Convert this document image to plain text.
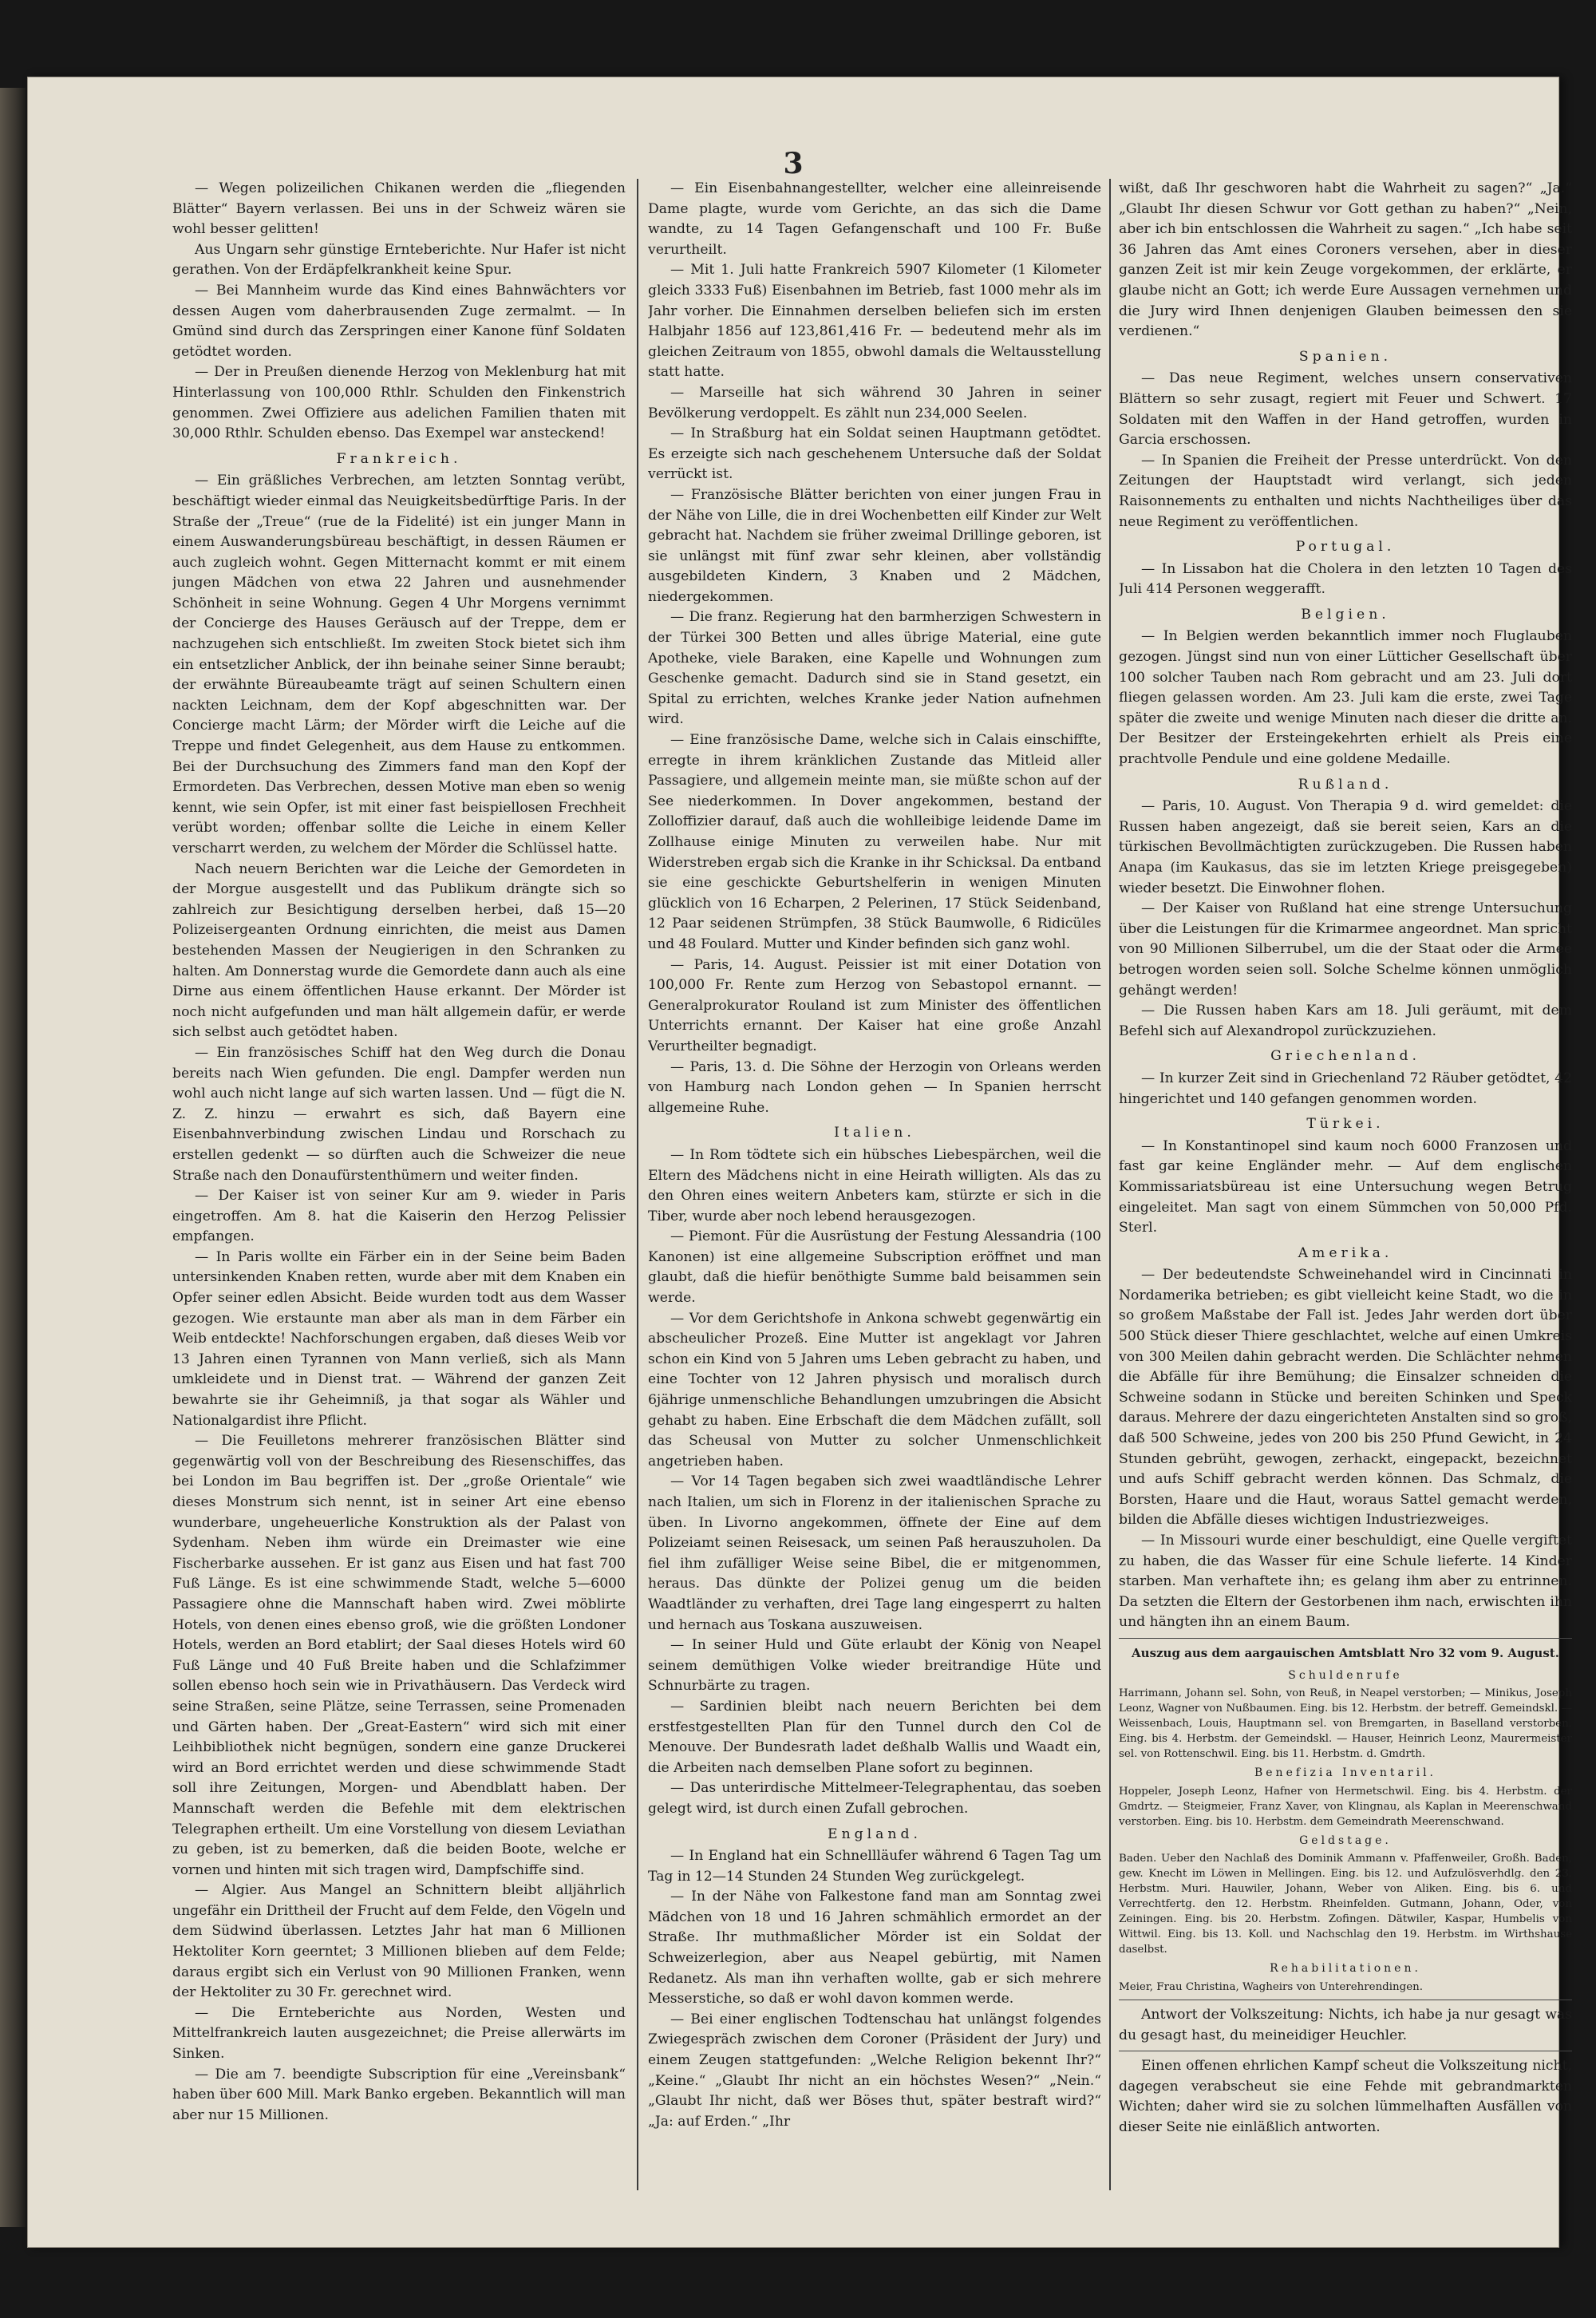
3

— Wegen polizeilichen Chikanen werden die „fliegenden Blätter“ Bayern verlassen. Bei uns in der Schweiz wären sie wohl besser gelitten!

Aus Ungarn sehr günstige Ernteberichte. Nur Hafer ist nicht gerathen. Von der Erdäpfelkrankheit keine Spur.

— Bei Mannheim wurde das Kind eines Bahnwächters vor dessen Augen vom daherbrausenden Zuge zermalmt. — In Gmünd sind durch das Zerspringen einer Kanone fünf Soldaten getödtet worden.

— Der in Preußen dienende Herzog von Meklenburg hat mit Hinterlassung von 100,000 Rthlr. Schulden den Finkenstrich genommen. Zwei Offiziere aus adelichen Familien thaten mit 30,000 Rthlr. Schulden ebenso. Das Exempel war ansteckend!

Frankreich.

— Ein gräßliches Verbrechen, am letzten Sonntag verübt, beschäftigt wieder einmal das Neuigkeitsbedürftige Paris. In der Straße der „Treue“ (rue de la Fidelité) ist ein junger Mann in einem Auswanderungsbüreau beschäftigt, in dessen Räumen er auch zugleich wohnt. Gegen Mitternacht kommt er mit einem jungen Mädchen von etwa 22 Jahren und ausnehmender Schönheit in seine Wohnung. Gegen 4 Uhr Morgens vernimmt der Concierge des Hauses Geräusch auf der Treppe, dem er nachzugehen sich entschließt. Im zweiten Stock bietet sich ihm ein entsetzlicher Anblick, der ihn beinahe seiner Sinne beraubt; der erwähnte Büreaubeamte trägt auf seinen Schultern einen nackten Leichnam, dem der Kopf abgeschnitten war. Der Concierge macht Lärm; der Mörder wirft die Leiche auf die Treppe und findet Gelegenheit, aus dem Hause zu entkommen. Bei der Durchsuchung des Zimmers fand man den Kopf der Ermordeten. Das Verbrechen, dessen Motive man eben so wenig kennt, wie sein Opfer, ist mit einer fast beispiellosen Frechheit verübt worden; offenbar sollte die Leiche in einem Keller verscharrt werden, zu welchem der Mörder die Schlüssel hatte.

Nach neuern Berichten war die Leiche der Gemordeten in der Morgue ausgestellt und das Publikum drängte sich so zahlreich zur Besichtigung derselben herbei, daß 15—20 Polizeisergeanten Ordnung einrichten, die meist aus Damen bestehenden Massen der Neugierigen in den Schranken zu halten. Am Donnerstag wurde die Gemordete dann auch als eine Dirne aus einem öffentlichen Hause erkannt. Der Mörder ist noch nicht aufgefunden und man hält allgemein dafür, er werde sich selbst auch getödtet haben.

— Ein französisches Schiff hat den Weg durch die Donau bereits nach Wien gefunden. Die engl. Dampfer werden nun wohl auch nicht lange auf sich warten lassen. Und — fügt die N. Z. Z. hinzu — erwahrt es sich, daß Bayern eine Eisenbahnverbindung zwischen Lindau und Rorschach zu erstellen gedenkt — so dürften auch die Schweizer die neue Straße nach den Donaufürstenthümern und weiter finden.

— Der Kaiser ist von seiner Kur am 9. wieder in Paris eingetroffen. Am 8. hat die Kaiserin den Herzog Pelissier empfangen.

— In Paris wollte ein Färber ein in der Seine beim Baden untersinkenden Knaben retten, wurde aber mit dem Knaben ein Opfer seiner edlen Absicht. Beide wurden todt aus dem Wasser gezogen. Wie erstaunte man aber als man in dem Färber ein Weib entdeckte! Nachforschungen ergaben, daß dieses Weib vor 13 Jahren einen Tyrannen von Mann verließ, sich als Mann umkleidete und in Dienst trat. — Während der ganzen Zeit bewahrte sie ihr Geheimniß, ja that sogar als Wähler und Nationalgardist ihre Pflicht.

— Die Feuilletons mehrerer französischen Blätter sind gegenwärtig voll von der Beschreibung des Riesenschiffes, das bei London im Bau begriffen ist. Der „große Orientale“ wie dieses Monstrum sich nennt, ist in seiner Art eine ebenso wunderbare, ungeheuerliche Konstruktion als der Palast von Sydenham. Neben ihm würde ein Dreimaster wie eine Fischerbarke aussehen. Er ist ganz aus Eisen und hat fast 700 Fuß Länge. Es ist eine schwimmende Stadt, welche 5—6000 Passagiere ohne die Mannschaft haben wird. Zwei möblirte Hotels, von denen eines ebenso groß, wie die größten Londoner Hotels, werden an Bord etablirt; der Saal dieses Hotels wird 60 Fuß Länge und 40 Fuß Breite haben und die Schlafzimmer sollen ebenso hoch sein wie in Privathäusern. Das Verdeck wird seine Straßen, seine Plätze, seine Terrassen, seine Promenaden und Gärten haben. Der „Great-Eastern“ wird sich mit einer Leihbibliothek nicht begnügen, sondern eine ganze Druckerei wird an Bord errichtet werden und diese schwimmende Stadt soll ihre Zeitungen, Morgen- und Abendblatt haben. Der Mannschaft werden die Befehle mit dem elektrischen Telegraphen ertheilt. Um eine Vorstellung von diesem Leviathan zu geben, ist zu bemerken, daß die beiden Boote, welche er vornen und hinten mit sich tragen wird, Dampfschiffe sind.

— Algier. Aus Mangel an Schnittern bleibt alljährlich ungefähr ein Drittheil der Frucht auf dem Felde, den Vögeln und dem Südwind überlassen. Letztes Jahr hat man 6 Millionen Hektoliter Korn geerntet; 3 Millionen blieben auf dem Felde; daraus ergibt sich ein Verlust von 90 Millionen Franken, wenn der Hektoliter zu 30 Fr. gerechnet wird.

— Die Ernteberichte aus Norden, Westen und Mittelfrankreich lauten ausgezeichnet; die Preise allerwärts im Sinken.

— Die am 7. beendigte Subscription für eine „Vereinsbank“ haben über 600 Mill. Mark Banko ergeben. Bekanntlich will man aber nur 15 Millionen.

— Ein Eisenbahnangestellter, welcher eine alleinreisende Dame plagte, wurde vom Gerichte, an das sich die Dame wandte, zu 14 Tagen Gefangenschaft und 100 Fr. Buße verurtheilt.

— Mit 1. Juli hatte Frankreich 5907 Kilometer (1 Kilometer gleich 3333 Fuß) Eisenbahnen im Betrieb, fast 1000 mehr als im Jahr vorher. Die Einnahmen derselben beliefen sich im ersten Halbjahr 1856 auf 123,861,416 Fr. — bedeutend mehr als im gleichen Zeitraum von 1855, obwohl damals die Weltausstellung statt hatte.

— Marseille hat sich während 30 Jahren in seiner Bevölkerung verdoppelt. Es zählt nun 234,000 Seelen.

— In Straßburg hat ein Soldat seinen Hauptmann getödtet. Es erzeigte sich nach geschehenem Untersuche daß der Soldat verrückt ist.

— Französische Blätter berichten von einer jungen Frau in der Nähe von Lille, die in drei Wochenbetten eilf Kinder zur Welt gebracht hat. Nachdem sie früher zweimal Drillinge geboren, ist sie unlängst mit fünf zwar sehr kleinen, aber vollständig ausgebildeten Kindern, 3 Knaben und 2 Mädchen, niedergekommen.

— Die franz. Regierung hat den barmherzigen Schwestern in der Türkei 300 Betten und alles übrige Material, eine gute Apotheke, viele Baraken, eine Kapelle und Wohnungen zum Geschenke gemacht. Dadurch sind sie in Stand gesetzt, ein Spital zu errichten, welches Kranke jeder Nation aufnehmen wird.

— Eine französische Dame, welche sich in Calais einschiffte, erregte in ihrem kränklichen Zustande das Mitleid aller Passagiere, und allgemein meinte man, sie müßte schon auf der See niederkommen. In Dover angekommen, bestand der Zolloffizier darauf, daß auch die wohlleibige leidende Dame im Zollhause einige Minuten zu verweilen habe. Nur mit Widerstreben ergab sich die Kranke in ihr Schicksal. Da entband sie eine geschickte Geburtshelferin in wenigen Minuten glücklich von 16 Echarpen, 2 Pelerinen, 17 Stück Seidenband, 12 Paar seidenen Strümpfen, 38 Stück Baumwolle, 6 Ridicüles und 48 Foulard. Mutter und Kinder befinden sich ganz wohl.

— Paris, 14. August. Peissier ist mit einer Dotation von 100,000 Fr. Rente zum Herzog von Sebastopol ernannt. — Generalprokurator Rouland ist zum Minister des öffentlichen Unterrichts ernannt. Der Kaiser hat eine große Anzahl Verurtheilter begnadigt.

— Paris, 13. d. Die Söhne der Herzogin von Orleans werden von Hamburg nach London gehen — In Spanien herrscht allgemeine Ruhe.

Italien.

— In Rom tödtete sich ein hübsches Liebespärchen, weil die Eltern des Mädchens nicht in eine Heirath willigten. Als das zu den Ohren eines weitern Anbeters kam, stürzte er sich in die Tiber, wurde aber noch lebend herausgezogen.

— Piemont. Für die Ausrüstung der Festung Alessandria (100 Kanonen) ist eine allgemeine Subscription eröffnet und man glaubt, daß die hiefür benöthigte Summe bald beisammen sein werde.

— Vor dem Gerichtshofe in Ankona schwebt gegenwärtig ein abscheulicher Prozeß. Eine Mutter ist angeklagt vor Jahren schon ein Kind von 5 Jahren ums Leben gebracht zu haben, und eine Tochter von 12 Jahren physisch und moralisch durch 6jährige unmenschliche Behandlungen umzubringen die Absicht gehabt zu haben. Eine Erbschaft die dem Mädchen zufällt, soll das Scheusal von Mutter zu solcher Unmenschlichkeit angetrieben haben.

— Vor 14 Tagen begaben sich zwei waadtländische Lehrer nach Italien, um sich in Florenz in der italienischen Sprache zu üben. In Livorno angekommen, öffnete der Eine auf dem Polizeiamt seinen Reisesack, um seinen Paß herauszuholen. Da fiel ihm zufälliger Weise seine Bibel, die er mitgenommen, heraus. Das dünkte der Polizei genug um die beiden Waadtländer zu verhaften, drei Tage lang eingesperrt zu halten und hernach aus Toskana auszuweisen.

— In seiner Huld und Güte erlaubt der König von Neapel seinem demüthigen Volke wieder breitrandige Hüte und Schnurbärte zu tragen.

— Sardinien bleibt nach neuern Berichten bei dem erstfestgestellten Plan für den Tunnel durch den Col de Menouve. Der Bundesrath ladet deßhalb Wallis und Waadt ein, die Arbeiten nach demselben Plane sofort zu beginnen.

— Das unterirdische Mittelmeer-Telegraphentau, das soeben gelegt wird, ist durch einen Zufall gebrochen.

England.

— In England hat ein Schnellläufer während 6 Tagen Tag um Tag in 12—14 Stunden 24 Stunden Weg zurückgelegt.

— In der Nähe von Falkestone fand man am Sonntag zwei Mädchen von 18 und 16 Jahren schmählich ermordet an der Straße. Ihr muthmaßlicher Mörder ist ein Soldat der Schweizerlegion, aber aus Neapel gebürtig, mit Namen Redanetz. Als man ihn verhaften wollte, gab er sich mehrere Messerstiche, so daß er wohl davon kommen werde.

— Bei einer englischen Todtenschau hat unlängst folgendes Zwiegespräch zwischen dem Coroner (Präsident der Jury) und einem Zeugen stattgefunden: „Welche Religion bekennt Ihr?“ „Keine.“ „Glaubt Ihr nicht an ein höchstes Wesen?“ „Nein.“ „Glaubt Ihr nicht, daß wer Böses thut, später bestraft wird?“ „Ja: auf Erden.“ „Ihr

wißt, daß Ihr geschworen habt die Wahrheit zu sagen?“ „Ja.“ „Glaubt Ihr diesen Schwur vor Gott gethan zu haben?“ „Nein, aber ich bin entschlossen die Wahrheit zu sagen.“ „Ich habe seit 36 Jahren das Amt eines Coroners versehen, aber in dieser ganzen Zeit ist mir kein Zeuge vorgekommen, der erklärte, er glaube nicht an Gott; ich werde Eure Aussagen vernehmen und die Jury wird Ihnen denjenigen Glauben beimessen den sie verdienen.“

Spanien.

— Das neue Regiment, welches unsern conservativen Blättern so sehr zusagt, regiert mit Feuer und Schwert. 17 Soldaten mit den Waffen in der Hand getroffen, wurden in Garcia erschossen.

— In Spanien die Freiheit der Presse unterdrückt. Von den Zeitungen der Hauptstadt wird verlangt, sich jeden Raisonnements zu enthalten und nichts Nachtheiliges über das neue Regiment zu veröffentlichen.

Portugal.

— In Lissabon hat die Cholera in den letzten 10 Tagen des Juli 414 Personen weggerafft.

Belgien.

— In Belgien werden bekanntlich immer noch Fluglauben gezogen. Jüngst sind nun von einer Lütticher Gesellschaft über 100 solcher Tauben nach Rom gebracht und am 23. Juli dort fliegen gelassen worden. Am 23. Juli kam die erste, zwei Tage später die zweite und wenige Minuten nach dieser die dritte an. Der Besitzer der Ersteingekehrten erhielt als Preis eine prachtvolle Pendule und eine goldene Medaille.

Rußland.

— Paris, 10. August. Von Therapia 9 d. wird gemeldet: die Russen haben angezeigt, daß sie bereit seien, Kars an die türkischen Bevollmächtigten zurückzugeben. Die Russen haben Anapa (im Kaukasus, das sie im letzten Kriege preisgegeben) wieder besetzt. Die Einwohner flohen.

— Der Kaiser von Rußland hat eine strenge Untersuchung über die Leistungen für die Krimarmee angeordnet. Man spricht von 90 Millionen Silberrubel, um die der Staat oder die Armee betrogen worden seien soll. Solche Schelme können unmöglich gehängt werden!

— Die Russen haben Kars am 18. Juli geräumt, mit dem Befehl sich auf Alexandropol zurückzuziehen.

Griechenland.

— In kurzer Zeit sind in Griechenland 72 Räuber getödtet, 42 hingerichtet und 140 gefangen genommen worden.

Türkei.

— In Konstantinopel sind kaum noch 6000 Franzosen und fast gar keine Engländer mehr. — Auf dem englischen Kommissariatsbüreau ist eine Untersuchung wegen Betrug eingeleitet. Man sagt von einem Sümmchen von 50,000 Pfd. Sterl.

Amerika.

— Der bedeutendste Schweinehandel wird in Cincinnati in Nordamerika betrieben; es gibt vielleicht keine Stadt, wo die in so großem Maßstabe der Fall ist. Jedes Jahr werden dort über 500 Stück dieser Thiere geschlachtet, welche auf einen Umkreis von 300 Meilen dahin gebracht werden. Die Schlächter nehmen die Abfälle für ihre Bemühung; die Einsalzer schneiden die Schweine sodann in Stücke und bereiten Schinken und Speck daraus. Mehrere der dazu eingerichteten Anstalten sind so groß, daß 500 Schweine, jedes von 200 bis 250 Pfund Gewicht, in 24 Stunden gebrüht, gewogen, zerhackt, eingepackt, bezeichnet und aufs Schiff gebracht werden können. Das Schmalz, die Borsten, Haare und die Haut, woraus Sattel gemacht werden, bilden die Abfälle dieses wichtigen Industriezweiges.

— In Missouri wurde einer beschuldigt, eine Quelle vergiftet zu haben, die das Wasser für eine Schule lieferte. 14 Kinder starben. Man verhaftete ihn; es gelang ihm aber zu entrinnen. Da setzten die Eltern der Gestorbenen ihm nach, erwischten ihn und hängten ihn an einem Baum.

Auszug aus dem aargauischen Amtsblatt Nro 32 vom 9. August.
Schuldenrufe

Harrimann, Johann sel. Sohn, von Reuß, in Neapel verstorben; — Minikus, Joseph Leonz, Wagner von Nußbaumen. Eing. bis 12. Herbstm. der betreff. Gemeindskl. — Weissenbach, Louis, Hauptmann sel. von Bremgarten, in Baselland verstorben. Eing. bis 4. Herbstm. der Gemeindskl. — Hauser, Heinrich Leonz, Maurermeister sel. von Rottenschwil. Eing. bis 11. Herbstm. d. Gmdrth.

Benefizia Inventaril.

Hoppeler, Joseph Leonz, Hafner von Hermetschwil. Eing. bis 4. Herbstm. der Gmdrtz. — Steigmeier, Franz Xaver, von Klingnau, als Kaplan in Meerenschwand verstorben. Eing. bis 10. Herbstm. dem Gemeindrath Meerenschwand.

Geldstage.

Baden. Ueber den Nachlaß des Dominik Ammann v. Pfaffenweiler, Großh. Baden, gew. Knecht im Löwen in Mellingen. Eing. bis 12. und Aufzulösverhdlg. den 23. Herbstm. Muri. Hauwiler, Johann, Weber von Aliken. Eing. bis 6. und Verrechtfertg. den 12. Herbstm. Rheinfelden. Gutmann, Johann, Oder, von Zeiningen. Eing. bis 20. Herbstm. Zofingen. Dätwiler, Kaspar, Humbelis von Wittwil. Eing. bis 13. Koll. und Nachschlag den 19. Herbstm. im Wirthshause daselbst.

Rehabilitationen.

Meier, Frau Christina, Wagheirs von Unterehrendingen.

Antwort der Volkszeitung: Nichts, ich habe ja nur gesagt was du gesagt hast, du meineidiger Heuchler.

Einen offenen ehrlichen Kampf scheut die Volkszeitung nicht, dagegen verabscheut sie eine Fehde mit gebrandmarkten Wichten; daher wird sie zu solchen lümmelhaften Ausfällen von dieser Seite nie einläßlich antworten.
